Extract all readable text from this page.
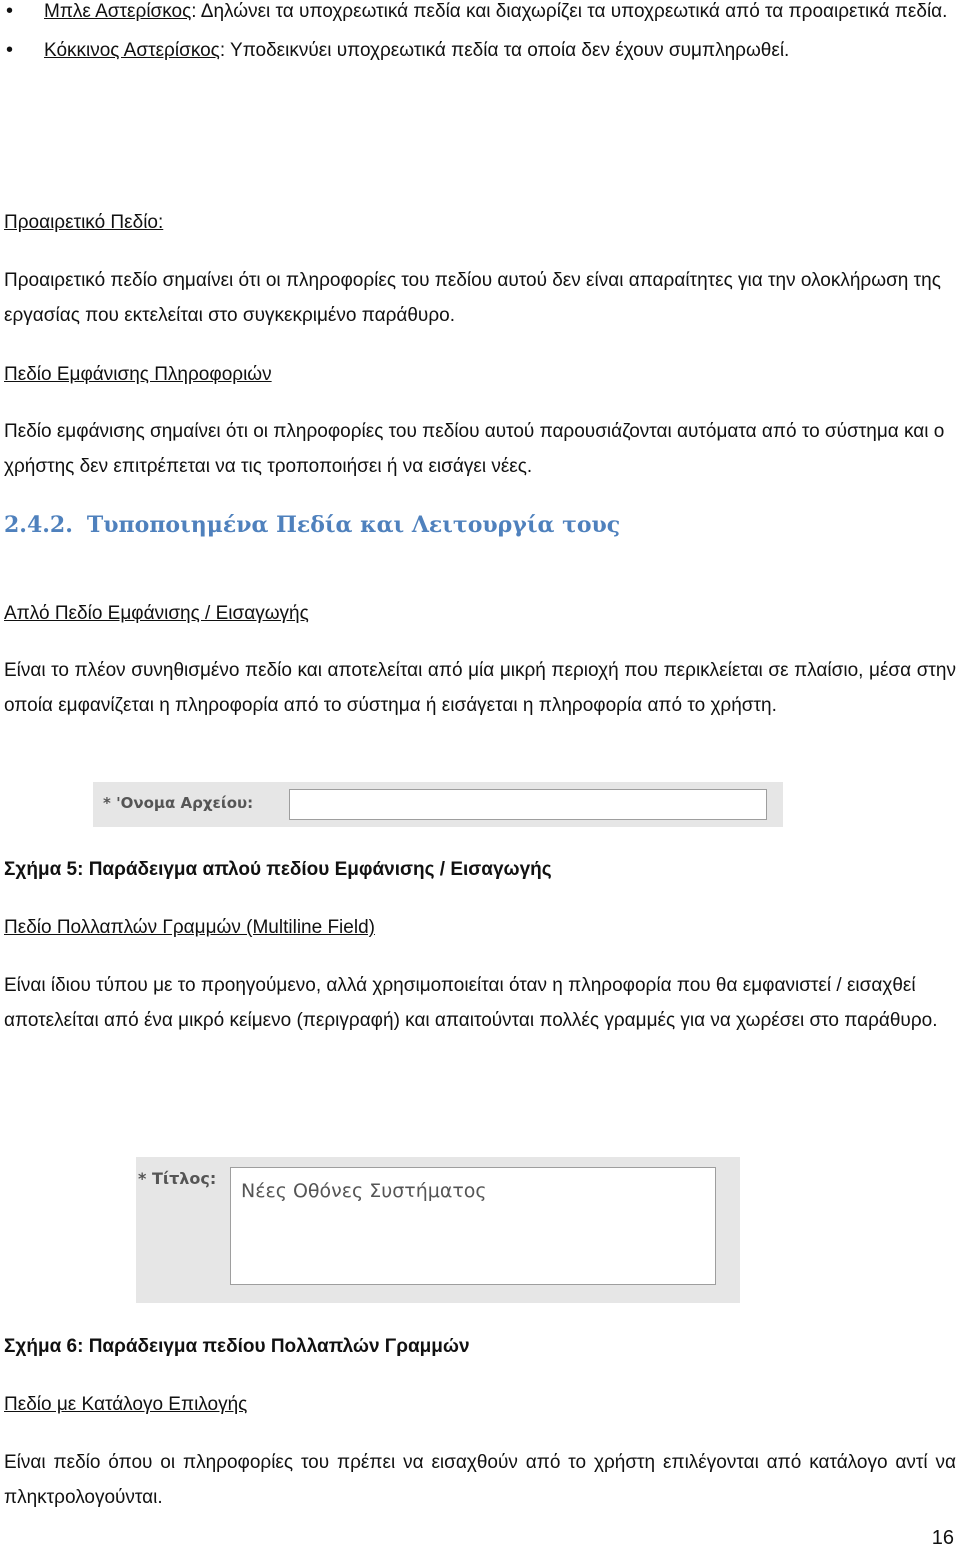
• Μπλε Αστερίσκος: Δηλώνει τα υποχρεωτικά πεδία και διαχωρίζει τα υποχρεωτικά από τα προαιρετικά πεδία.
• Κόκκινος Αστερίσκος: Υποδεικνύει υποχρεωτικά πεδία τα οποία δεν έχουν συμπληρωθεί.

Προαιρετικό Πεδίο:

Προαιρετικό πεδίο σημαίνει ότι οι πληροφορίες του πεδίου αυτού δεν είναι απαραίτητες για την ολοκλήρωση της εργασίας που εκτελείται στο συγκεκριμένο παράθυρο.

Πεδίο Εμφάνισης Πληροφοριών

Πεδίο εμφάνισης σημαίνει ότι οι πληροφορίες του πεδίου αυτού παρουσιάζονται αυτόματα από το σύστημα και ο χρήστης δεν επιτρέπεται να τις τροποποιήσει ή να εισάγει νέες.

2.4.2. Τυποποιημένα Πεδία και Λειτουργία τους

Απλό Πεδίο Εμφάνισης / Εισαγωγής

Είναι το πλέον συνηθισμένο πεδίο και αποτελείται από μία μικρή περιοχή που περικλείεται σε πλαίσιο, μέσα στην οποία εμφανίζεται η πληροφορία από το σύστημα ή εισάγεται η πληροφορία από το χρήστη.

* 'Ονομα Αρχείου:

Σχήμα 5: Παράδειγμα απλού πεδίου Εμφάνισης / Εισαγωγής

Πεδίο Πολλαπλών Γραμμών (Multiline Field)

Είναι ίδιου τύπου με το προηγούμενο, αλλά χρησιμοποιείται όταν η πληροφορία που θα εμφανιστεί / εισαχθεί αποτελείται από ένα μικρό κείμενο (περιγραφή) και απαιτούνται πολλές γραμμές για να χωρέσει στο παράθυρο.

* Τίτλος:
Νέες Οθόνες Συστήματος

Σχήμα 6: Παράδειγμα πεδίου Πολλαπλών Γραμμών

Πεδίο με Κατάλογο Επιλογής

Είναι πεδίο όπου οι πληροφορίες του πρέπει να εισαχθούν από το χρήστη επιλέγονται από κατάλογο αντί να πληκτρολογούνται.

16
